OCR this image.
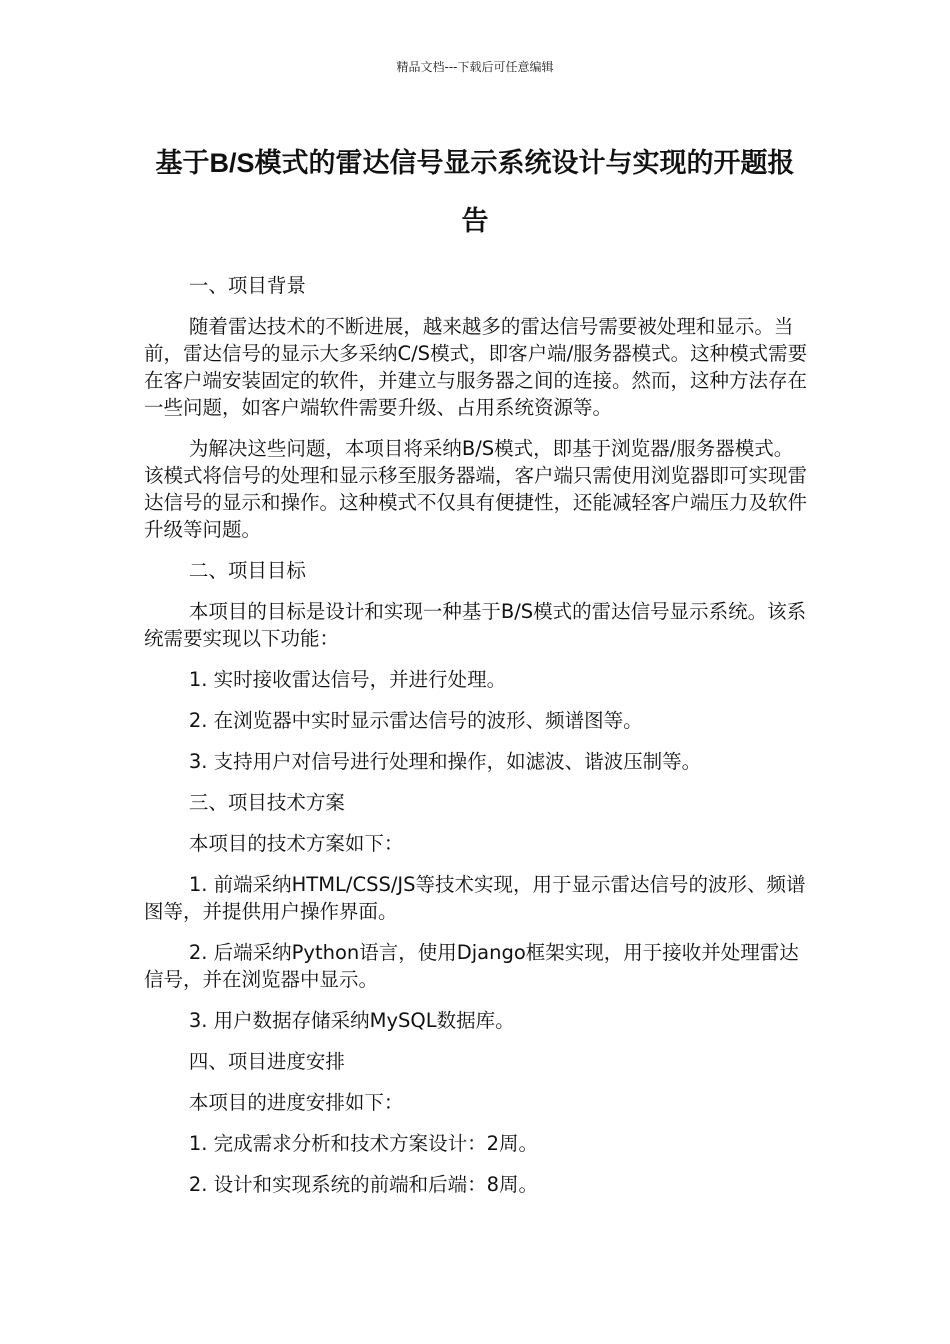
精品文档---下载后可任意编辑
基于B/S模式的雷达信号显示系统设计与实现的开题报告

一、项目背景

随着雷达技术的不断进展，越来越多的雷达信号需要被处理和显示。当前，雷达信号的显示大多采纳C/S模式，即客户端/服务器模式。这种模式需要在客户端安装固定的软件，并建立与服务器之间的连接。然而，这种方法存在一些问题，如客户端软件需要升级、占用系统资源等。

为解决这些问题，本项目将采纳B/S模式，即基于浏览器/服务器模式。该模式将信号的处理和显示移至服务器端，客户端只需使用浏览器即可实现雷达信号的显示和操作。这种模式不仅具有便捷性，还能减轻客户端压力及软件升级等问题。

二、项目目标

本项目的目标是设计和实现一种基于B/S模式的雷达信号显示系统。该系统需要实现以下功能：

1. 实时接收雷达信号，并进行处理。

2. 在浏览器中实时显示雷达信号的波形、频谱图等。

3. 支持用户对信号进行处理和操作，如滤波、谐波压制等。

三、项目技术方案

本项目的技术方案如下：

1. 前端采纳HTML/CSS/JS等技术实现，用于显示雷达信号的波形、频谱图等，并提供用户操作界面。

2. 后端采纳Python语言，使用Django框架实现，用于接收并处理雷达信号，并在浏览器中显示。

3. 用户数据存储采纳MySQL数据库。

四、项目进度安排

本项目的进度安排如下：

1. 完成需求分析和技术方案设计：2周。

2. 设计和实现系统的前端和后端：8周。
